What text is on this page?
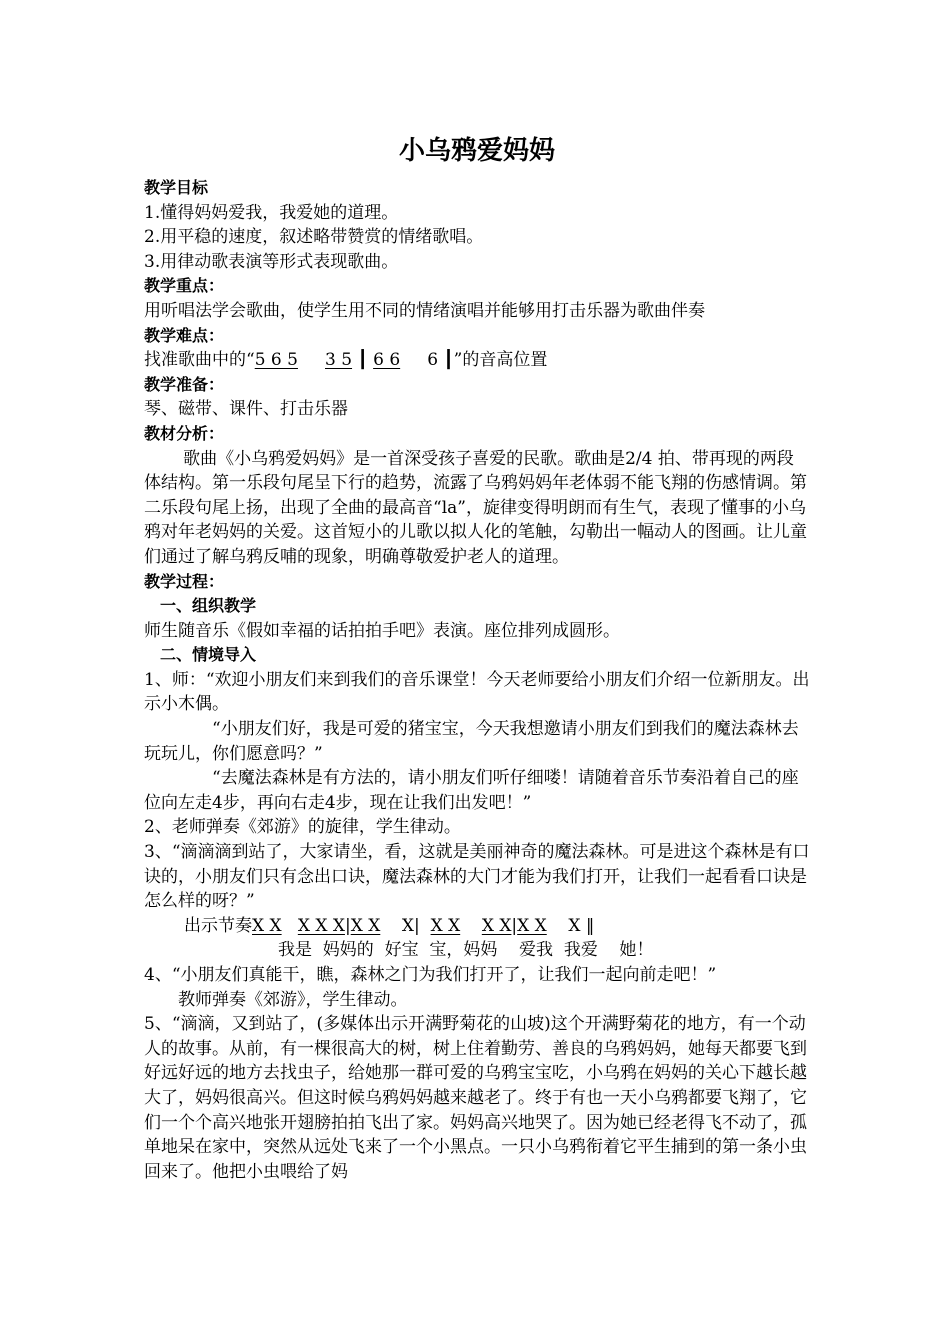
小乌鸦爱妈妈
教学目标

1.懂得妈妈爱我，我爱她的道理。

2.用平稳的速度，叙述略带赞赏的情绪歌唱。

3.用律动歌表演等形式表现歌曲。

教学重点：

用听唱法学会歌曲，使学生用不同的情绪演唱并能够用打击乐器为歌曲伴奏

教学难点：

找准歌曲中的“5 6 5 3 5 ┃ 6 6 6 ┃”的音高位置

教学准备：

琴、磁带、课件、打击乐器

教材分析：

歌曲《小乌鸦爱妈妈》是一首深受孩子喜爱的民歌。歌曲是2/4 拍、带再现的两段体结构。第一乐段句尾呈下行的趋势，流露了乌鸦妈妈年老体弱不能飞翔的伤感情调。第二乐段句尾上扬，出现了全曲的最高音“la”，旋律变得明朗而有生气，表现了懂事的小乌鸦对年老妈妈的关爱。这首短小的儿歌以拟人化的笔触，勾勒出一幅动人的图画。让儿童们通过了解乌鸦反哺的现象，明确尊敬爱护老人的道理。

教学过程：
一、组织教学

师生随音乐《假如幸福的话拍拍手吧》表演。座位排列成圆形。

二、情境导入

1、师：“欢迎小朋友们来到我们的音乐课堂！今天老师要给小朋友们介绍一位新朋友。出示小木偶。

“小朋友们好，我是可爱的猪宝宝，今天我想邀请小朋友们到我们的魔法森林去玩玩儿，你们愿意吗？”

“去魔法森林是有方法的，请小朋友们听仔细喽！请随着音乐节奏沿着自己的座位向左走4步，再向右走4步，现在让我们出发吧！”

2、老师弹奏《郊游》的旋律，学生律动。

3、“滴滴滴到站了，大家请坐，看，这就是美丽神奇的魔法森林。可是进这个森林是有口诀的，小朋友们只有念出口诀，魔法森林的大门才能为我们打开，让我们一起看看口诀是怎么样的呀？”

出示节奏X X X X X|X X X|  X X X X|X X X ‖

我是  妈妈的  好宝  宝，妈妈    爱我  我爱    她！

4、“小朋友们真能干，瞧，森林之门为我们打开了，让我们一起向前走吧！”

教师弹奏《郊游》，学生律动。

5、“滴滴，又到站了，(多媒体出示开满野菊花的山坡)这个开满野菊花的地方，有一个动人的故事。从前，有一棵很高大的树，树上住着勤劳、善良的乌鸦妈妈，她每天都要飞到好远好远的地方去找虫子，给她那一群可爱的乌鸦宝宝吃，小乌鸦在妈妈的关心下越长越大了，妈妈很高兴。但这时候乌鸦妈妈越来越老了。终于有也一天小乌鸦都要飞翔了，它们一个个高兴地张开翅膀拍拍飞出了家。妈妈高兴地哭了。因为她已经老得飞不动了，孤单地呆在家中，突然从远处飞来了一个小黑点。一只小乌鸦衔着它平生捕到的第一条小虫回来了。他把小虫喂给了妈
